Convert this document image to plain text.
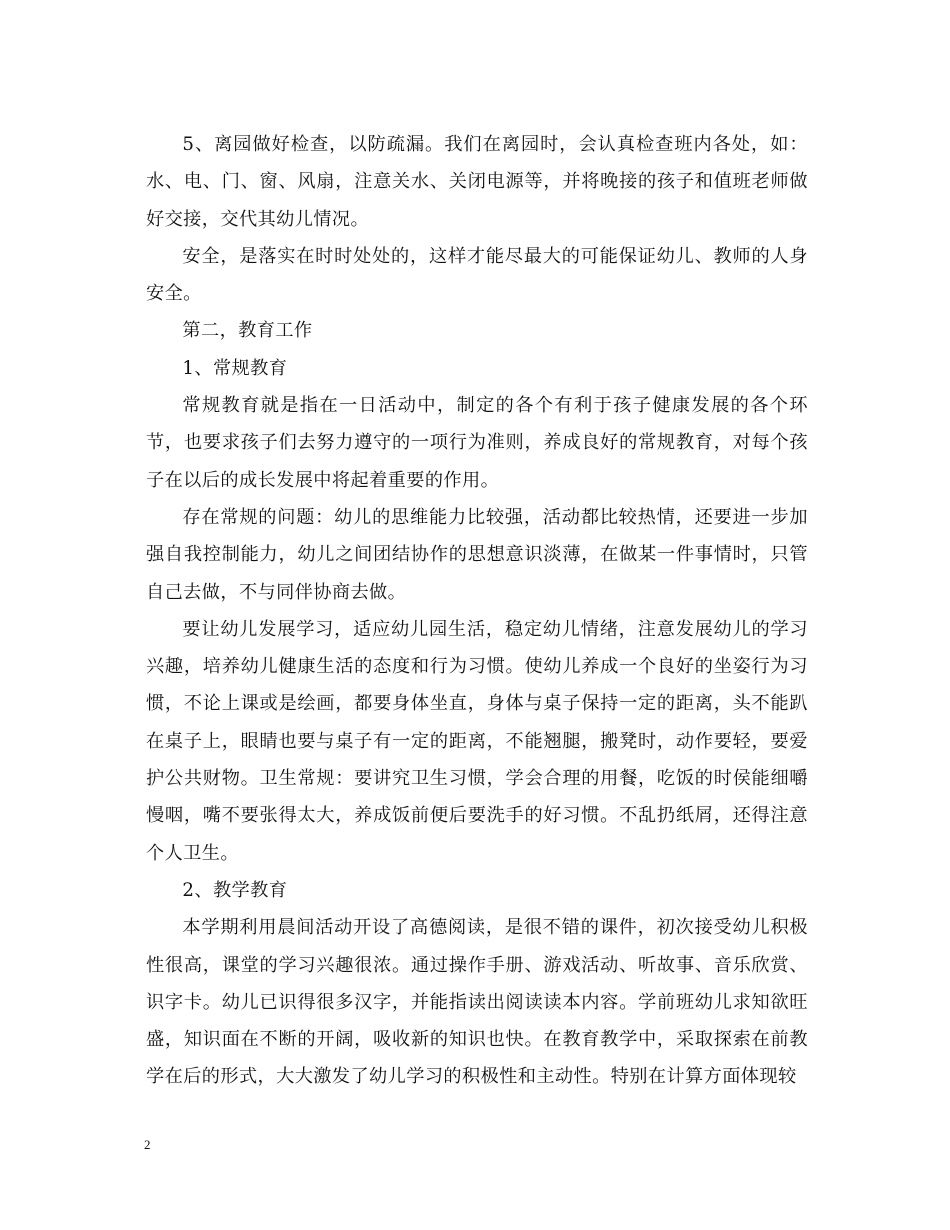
5、离园做好检查，以防疏漏。我们在离园时，会认真检查班内各处，如：水、电、门、窗、风扇，注意关水、关闭电源等，并将晚接的孩子和值班老师做好交接，交代其幼儿情况。

安全，是落实在时时处处的，这样才能尽最大的可能保证幼儿、教师的人身安全。

第二，教育工作

1、常规教育

常规教育就是指在一日活动中，制定的各个有利于孩子健康发展的各个环节，也要求孩子们去努力遵守的一项行为准则，养成良好的常规教育，对每个孩子在以后的成长发展中将起着重要的作用。

存在常规的问题：幼儿的思维能力比较强，活动都比较热情，还要进一步加强自我控制能力，幼儿之间团结协作的思想意识淡薄，在做某一件事情时，只管自己去做，不与同伴协商去做。

要让幼儿发展学习，适应幼儿园生活，稳定幼儿情绪，注意发展幼儿的学习兴趣，培养幼儿健康生活的态度和行为习惯。使幼儿养成一个良好的坐姿行为习惯，不论上课或是绘画，都要身体坐直，身体与桌子保持一定的距离，头不能趴在桌子上，眼睛也要与桌子有一定的距离，不能翘腿，搬凳时，动作要轻，要爱护公共财物。卫生常规：要讲究卫生习惯，学会合理的用餐，吃饭的时侯能细嚼慢咽，嘴不要张得太大，养成饭前便后要洗手的好习惯。不乱扔纸屑，还得注意个人卫生。

2、教学教育

本学期利用晨间活动开设了高德阅读，是很不错的课件，初次接受幼儿积极性很高，课堂的学习兴趣很浓。通过操作手册、游戏活动、听故事、音乐欣赏、识字卡。幼儿已识得很多汉字，并能指读出阅读读本内容。学前班幼儿求知欲旺盛，知识面在不断的开阔，吸收新的知识也快。在教育教学中，采取探索在前教学在后的形式，大大激发了幼儿学习的积极性和主动性。特别在计算方面体现较

2
